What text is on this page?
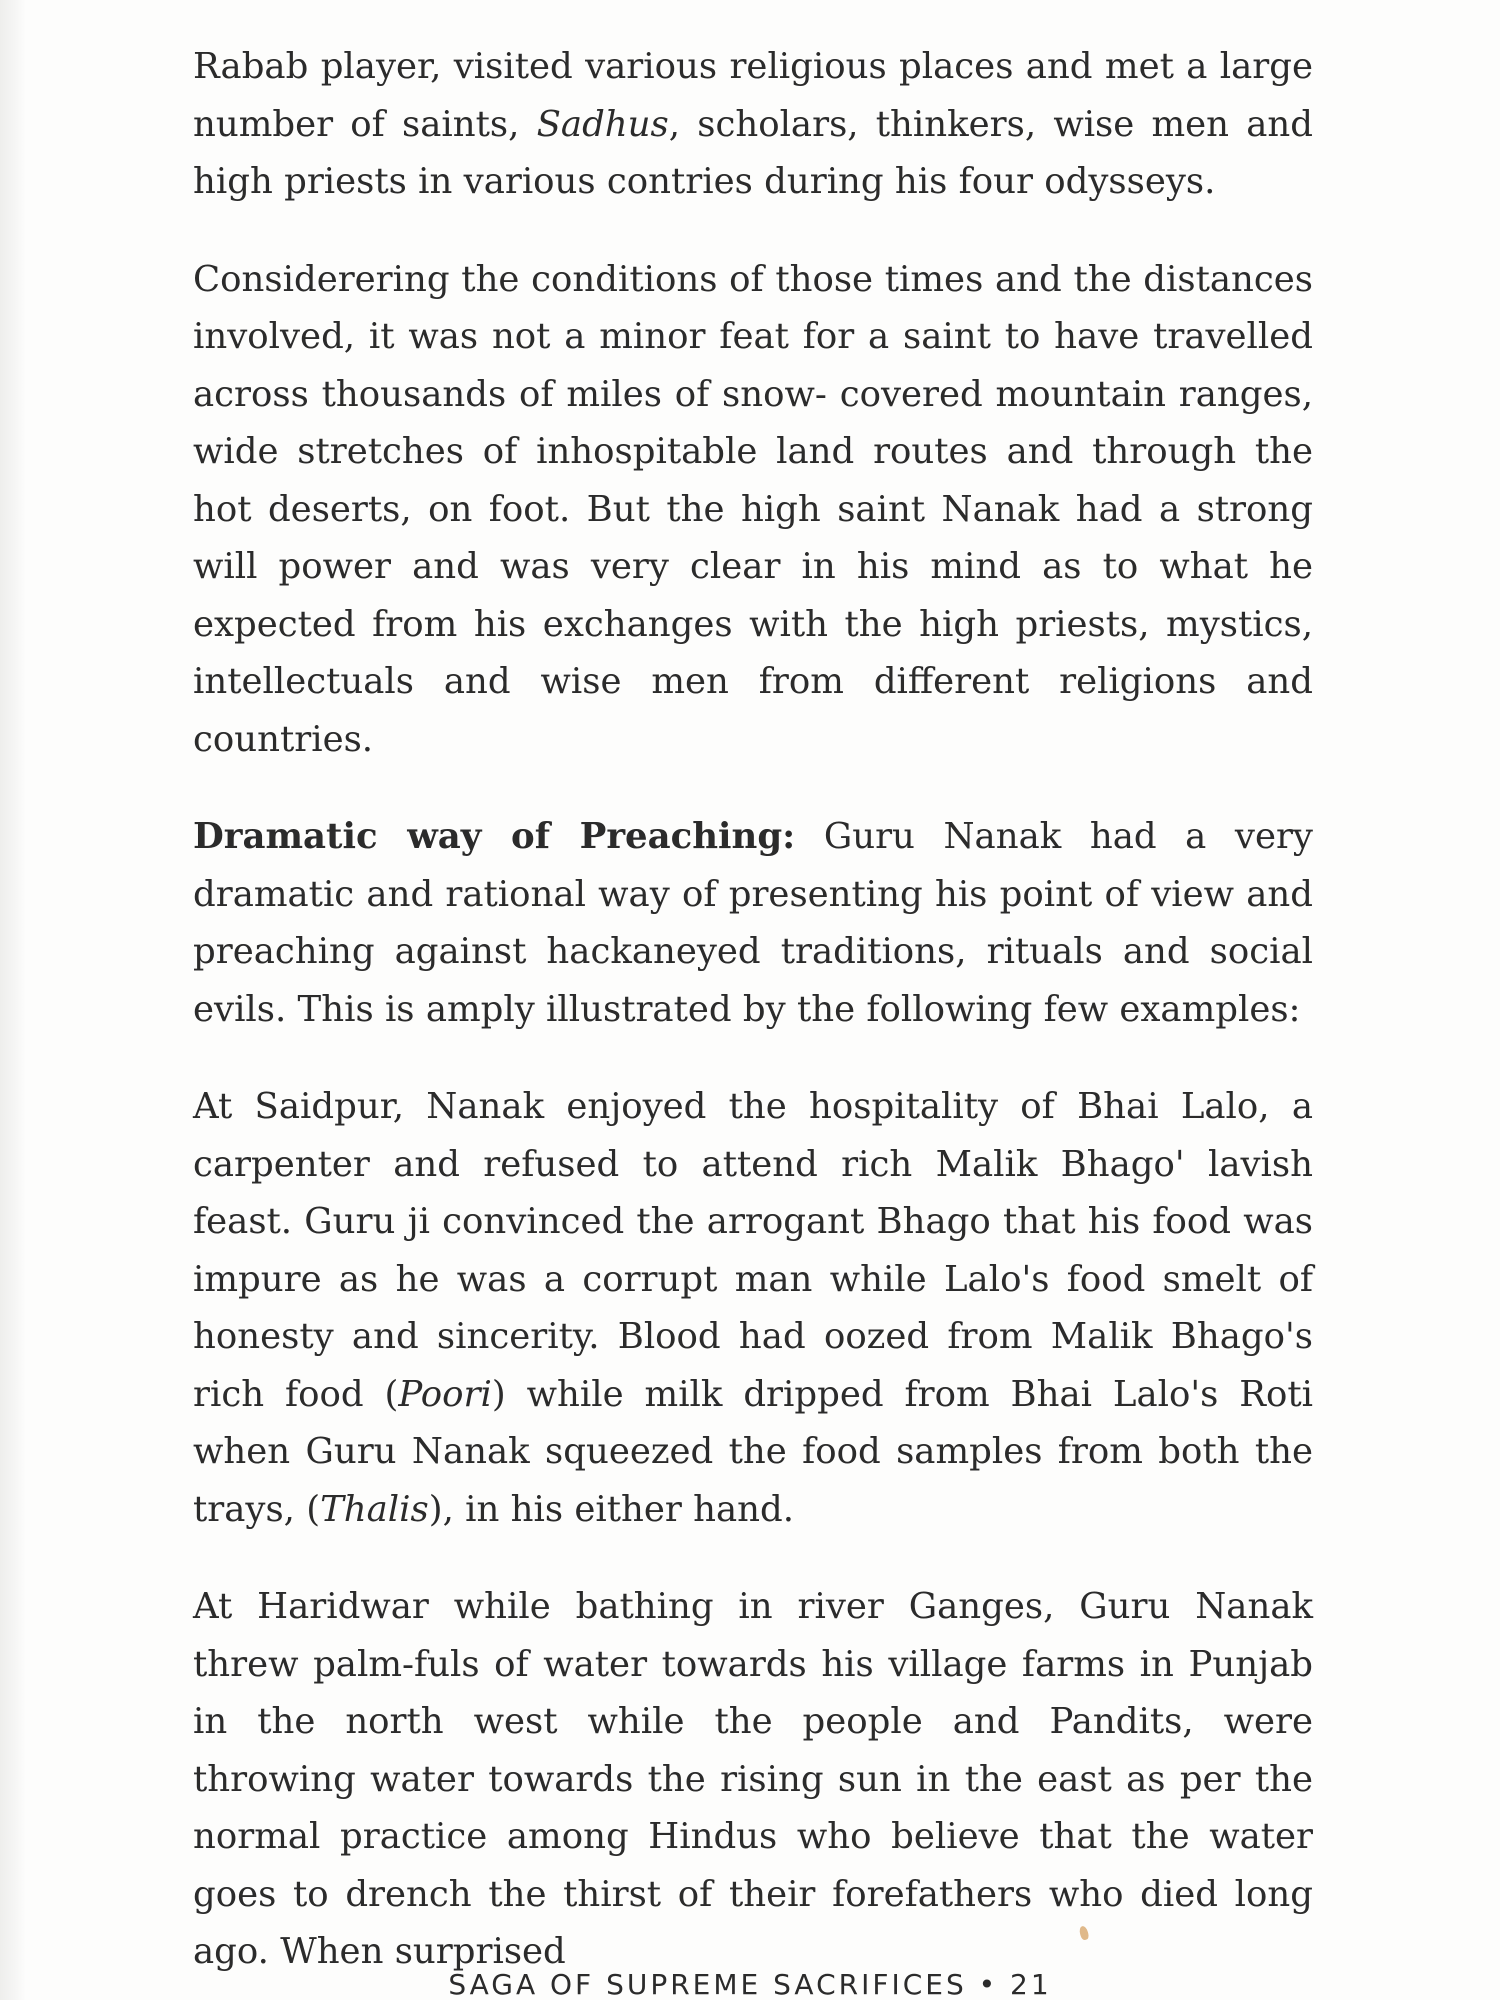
Rabab player, visited various religious places and met a large number of saints, Sadhus, scholars, thinkers, wise men and high priests in various contries during his four odysseys.

Considerering the conditions of those times and the distances involved, it was not a minor feat for a saint to have travelled across thousands of miles of snow- covered mountain ranges, wide stretches of inhospitable land routes and through the hot deserts, on foot. But the high saint Nanak had a strong will power and was very clear in his mind as to what he expected from his exchanges with the high priests, mystics, intellectuals and wise men from different religions and countries.

Dramatic way of Preaching: Guru Nanak had a very dramatic and rational way of presenting his point of view and preaching against hackaneyed traditions, rituals and social evils. This is amply illustrated by the following few examples:

At Saidpur, Nanak enjoyed the hospitality of Bhai Lalo, a carpenter and refused to attend rich Malik Bhago' lavish feast. Guru ji convinced the arrogant Bhago that his food was impure as he was a corrupt man while Lalo's food smelt of honesty and sincerity. Blood had oozed from Malik Bhago's rich food (Poori) while milk dripped from Bhai Lalo's Roti when Guru Nanak squeezed the food samples from both the trays, (Thalis), in his either hand.

At Haridwar while bathing in river Ganges, Guru Nanak threw palm-fuls of water towards his village farms in Punjab in the north west while the people and Pandits, were throwing water towards the rising sun in the east as per the normal practice among Hindus who believe that the water goes to drench the thirst of their forefathers who died long ago. When surprised

SAGA OF SUPREME SACRIFICES • 21
